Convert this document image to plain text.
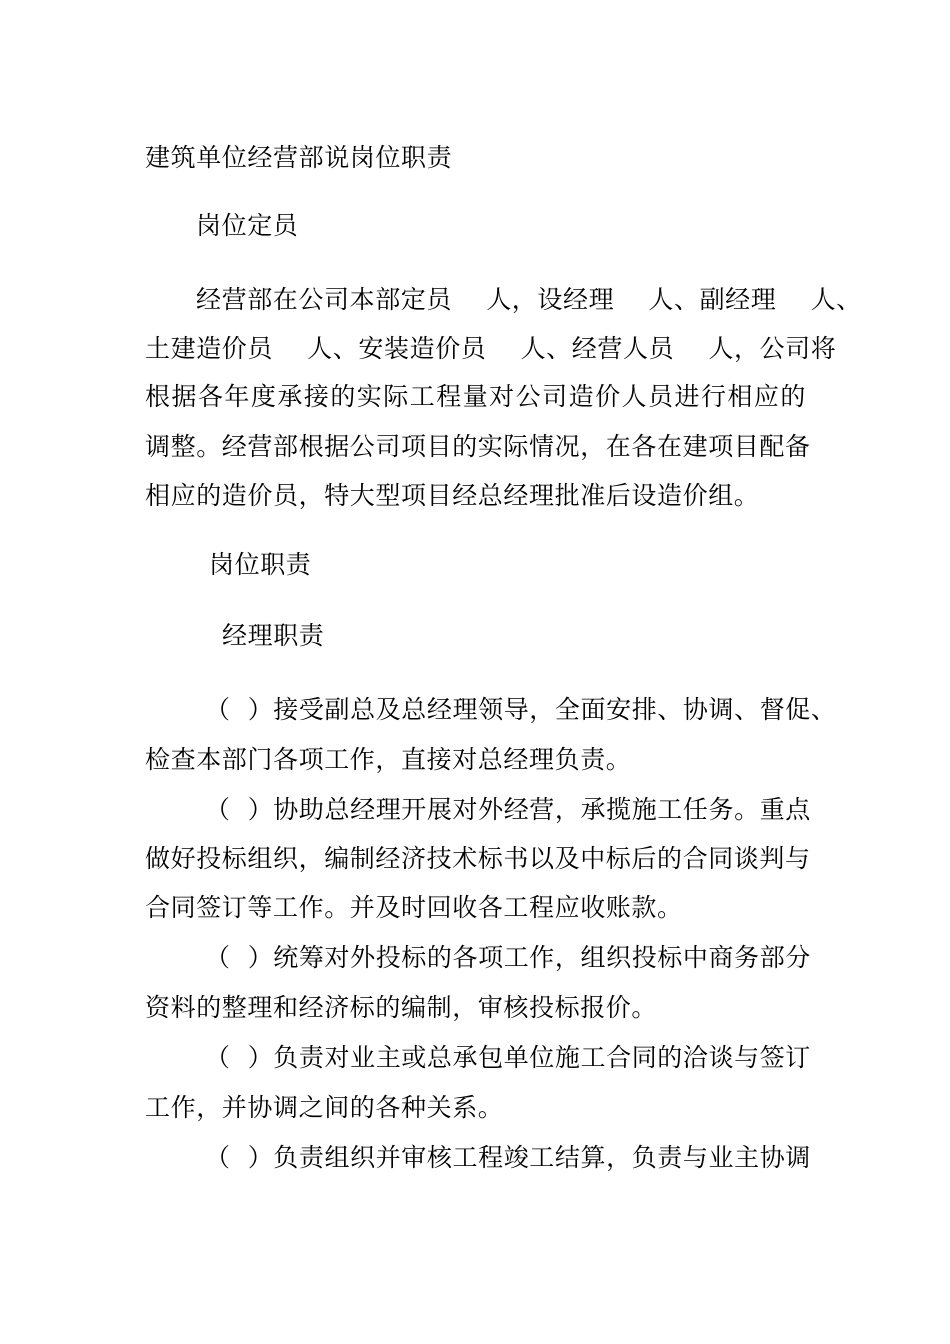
建筑单位经营部说岗位职责
岗位定员
经营部在公司本部定员    人，设经理    人、副经理    人、
土建造价员    人、安装造价员    人、经营人员    人，公司将
根据各年度承接的实际工程量对公司造价人员进行相应的
调整。经营部根据公司项目的实际情况，在各在建项目配备
相应的造价员，特大型项目经总经理批准后设造价组。
岗位职责
经理职责
（  ）接受副总及总经理领导，全面安排、协调、督促、
检查本部门各项工作，直接对总经理负责。
（  ）协助总经理开展对外经营，承揽施工任务。重点
做好投标组织，编制经济技术标书以及中标后的合同谈判与
合同签订等工作。并及时回收各工程应收账款。
（  ）统筹对外投标的各项工作，组织投标中商务部分
资料的整理和经济标的编制，审核投标报价。
（  ）负责对业主或总承包单位施工合同的洽谈与签订
工作，并协调之间的各种关系。
（  ）负责组织并审核工程竣工结算，负责与业主协调
